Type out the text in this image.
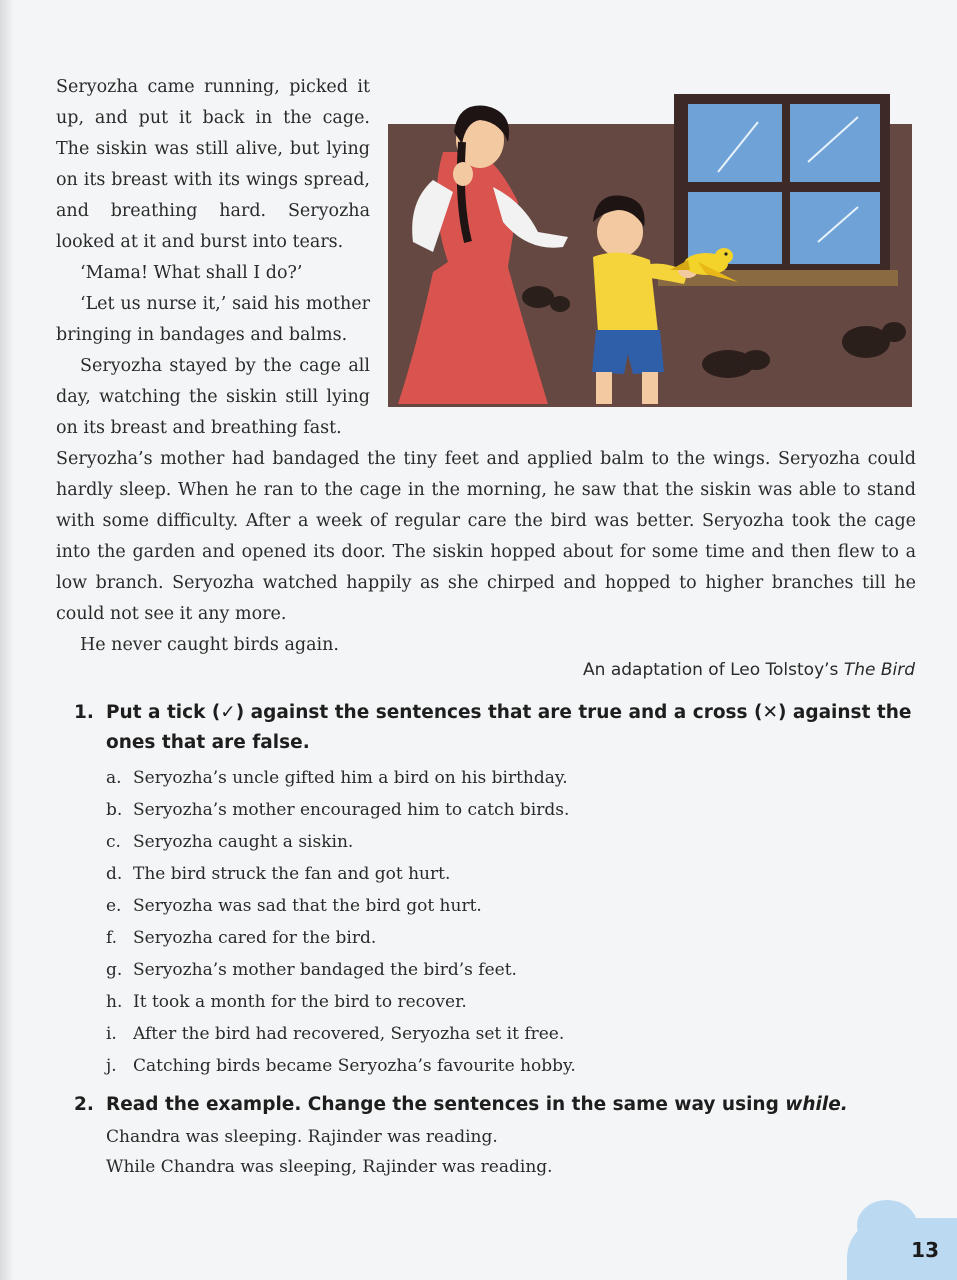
Seryozha came running, picked it up, and put it back in the cage. The siskin was still alive, but lying on its breast with its wings spread, and breathing hard. Seryozha looked at it and burst into tears.

‘Mama! What shall I do?’

‘Let us nurse it,’ said his mother bringing in bandages and balms.

Seryozha stayed by the cage all day, watching the siskin still lying on its breast and breathing fast.

Seryozha’s mother had bandaged the tiny feet and applied balm to the wings. Seryozha could hardly sleep. When he ran to the cage in the morning, he saw that the siskin was able to stand with some difficulty. After a week of regular care the bird was better. Seryozha took the cage into the garden and opened its door. The siskin hopped about for some time and then flew to a low branch. Seryozha watched happily as she chirped and hopped to higher branches till he could not see it any more.

He never caught birds again.

An adaptation of Leo Tolstoy’s The Bird
1. Put a tick (✓) against the sentences that are true and a cross (✕) against the ones that are false.
a. Seryozha’s uncle gifted him a bird on his birthday.
b. Seryozha’s mother encouraged him to catch birds.
c. Seryozha caught a siskin.
d. The bird struck the fan and got hurt.
e. Seryozha was sad that the bird got hurt.
f. Seryozha cared for the bird.
g. Seryozha’s mother bandaged the bird’s feet.
h. It took a month for the bird to recover.
i. After the bird had recovered, Seryozha set it free.
j. Catching birds became Seryozha’s favourite hobby.
2. Read the example. Change the sentences in the same way using while.
Chandra was sleeping. Rajinder was reading.
While Chandra was sleeping, Rajinder was reading.
13
